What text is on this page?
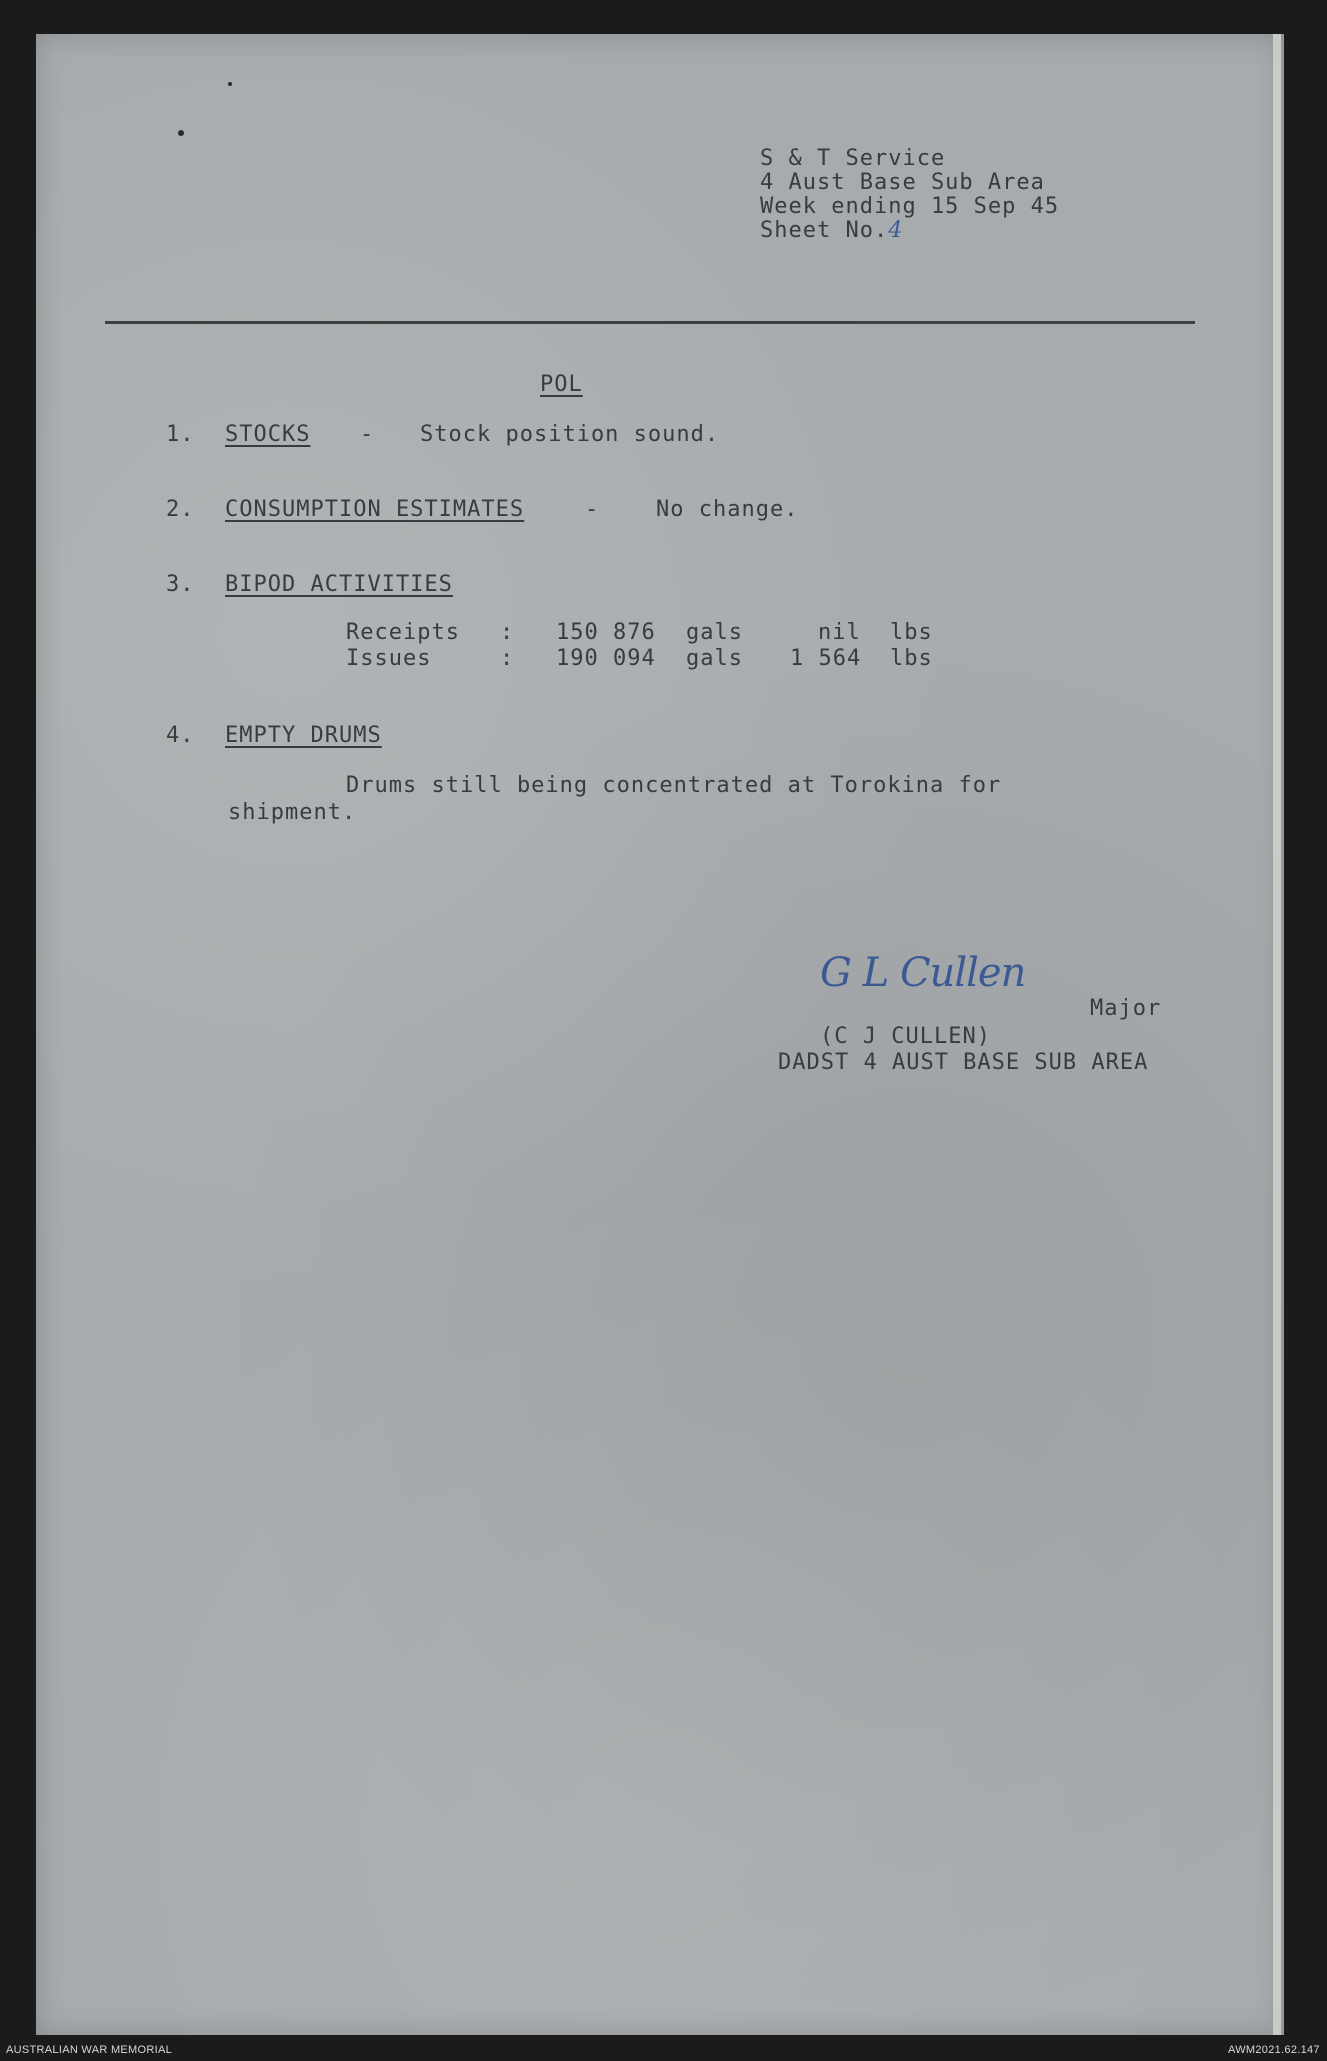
S & T Service
4 Aust Base Sub Area
Week ending 15 Sep 45
Sheet No.4
POL
1. STOCKS - Stock position sound.
2. CONSUMPTION ESTIMATES	-	No change.
3. BIPOD ACTIVITIES
Receipts : 150 876 gals	nil lbs
Issues	: 190 094 gals 1 564 lbs
4. EMPTY DRUMS
Drums still being concentrated at Torokina for
shipment.
G L Cullen
Major
(C J CULLEN)
DADST 4 AUST BASE SUB AREA
AUSTRALIAN WAR MEMORIAL	AWM2021.62.147
